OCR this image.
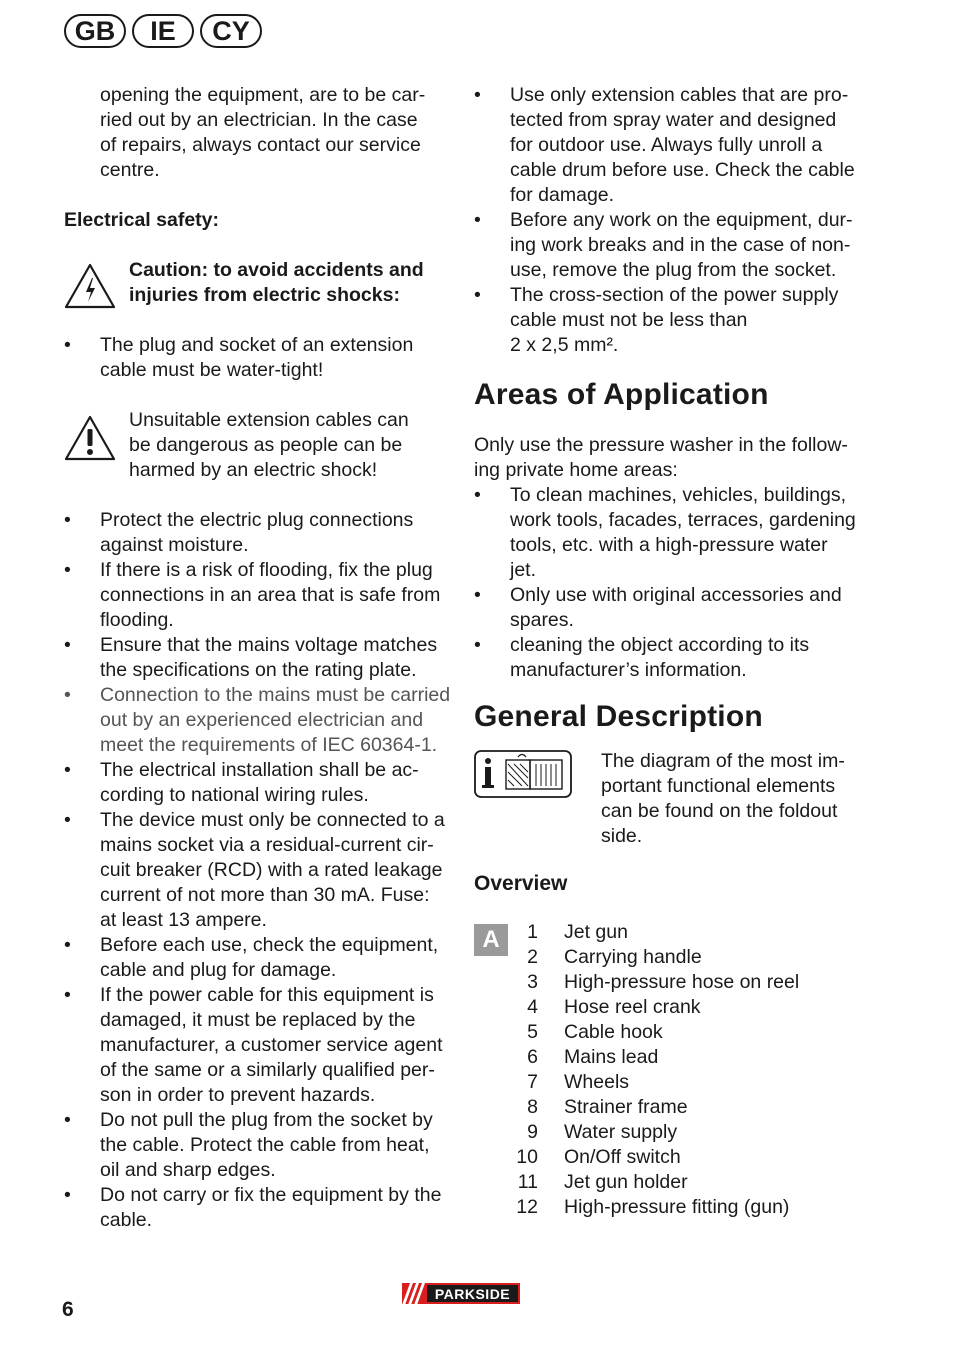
GB	IE	CY
opening the equipment, are to be car-
ried out by an electrician. In the case
of repairs, always contact our service
centre.
Electrical safety:
Caution: to avoid accidents and
injuries from electric shocks:
• The plug and socket of an extension
cable must be water-tight!
Unsuitable extension cables can
be dangerous as people can be
harmed by an electric shock!
• Protect the electric plug connections
against moisture.
• If there is a risk of flooding, fix the plug
connections in an area that is safe from
flooding.
• Ensure that the mains voltage matches
the specifications on the rating plate.
• Connection to the mains must be carried
out by an experienced electrician and
meet the requirements of IEC 60364-1.
• The electrical installation shall be ac-
cording to national wiring rules.
• The device must only be connected to a
mains socket via a residual-current cir-
cuit breaker (RCD) with a rated leakage
current of not more than 30 mA. Fuse:
at least 13 ampere.
• Before each use, check the equipment,
cable and plug for damage.
• If the power cable for this equipment is
damaged, it must be replaced by the
manufacturer, a customer service agent
of the same or a similarly qualified per-
son in order to prevent hazards.
• Do not pull the plug from the socket by
the cable. Protect the cable from heat,
oil and sharp edges.
• Do not carry or fix the equipment by the
cable.
• Use only extension cables that are pro-
tected from spray water and designed
for outdoor use. Always fully unroll a
cable drum before use. Check the cable
for damage.
• Before any work on the equipment, dur-
ing work breaks and in the case of non-
use, remove the plug from the socket.
• The cross-section of the power supply
cable must not be less than
2 x 2,5 mm².
Areas of Application
Only use the pressure washer in the follow-
ing private home areas:
• To clean machines, vehicles, buildings,
work tools, facades, terraces, gardening
tools, etc. with a high-pressure water
jet.
• Only use with original accessories and
spares.
• cleaning the object according to its
manufacturer’s information.
General Description
The diagram of the most im-
portant functional elements
can be found on the foldout
side.
Overview
A	1	Jet gun
2	Carrying handle
3	High-pressure hose on reel
4	Hose reel crank
5	Cable hook
6	Mains lead
7	Wheels
8	Strainer frame
9	Water supply
10	On/Off switch
11	Jet gun holder
12	High-pressure fitting (gun)
6
PARKSIDE
